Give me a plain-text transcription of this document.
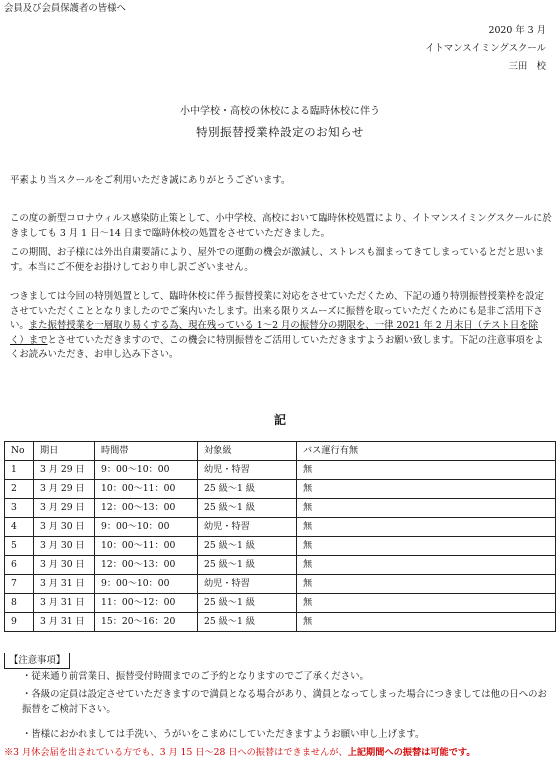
会員及び会員保護者の皆様へ
2020 年 3 月
イトマンスイミングスクール
三田　校
小中学校・高校の休校による臨時休校に伴う
特別振替授業枠設定のお知らせ
平素より当スクールをご利用いただき誠にありがとうございます。
この度の新型コロナウィルス感染防止策として、小中学校、高校において臨時休校処置により、イトマンスイミングスクールに於きましても 3 月 1 日～14 日まで臨時休校の処置をさせていただきました。
この期間、お子様には外出自粛要請により、屋外での運動の機会が激減し、ストレスも溜まってきてしまっているとだと思います。本当にご不便をお掛けしており申し訳ございません。
つきましては今回の特別処置として、臨時休校に伴う振替授業に対応をさせていただくため、下記の通り特別振替授業枠を設定させていただくこととなりましたのでご案内いたします。出来る限りスムーズに振替を取っていただくためにも是非ご活用下さい。また振替授業を一層取り易くする為、現在残っている 1～2 月の振替分の期限を、一律 2021 年 2 月末日（テスト日を除く）までとさせていただきますので、この機会に特別振替をご活用していただきますようお願い致します。下記の注意事項をよくお読みいただき、お申し込み下さい。
記
No	期日	時間帯	対象級	バス運行有無
1	3 月 29 日	9：00～10：00	幼児・特習	無
2	3 月 29 日	10：00～11：00	25 級～1 級	無
3	3 月 29 日	12：00～13：00	25 級～1 級	無
4	3 月 30 日	9：00～10：00	幼児・特習	無
5	3 月 30 日	10：00～11：00	25 級～1 級	無
6	3 月 30 日	12：00～13：00	25 級～1 級	無
7	3 月 31 日	9：00～10：00	幼児・特習	無
8	3 月 31 日	11：00～12：00	25 級～1 級	無
9	3 月 31 日	15：20～16：20	25 級～1 級	無
【注意事項】
・従来通り前営業日、振替受付時間までのご予約となりますのでご了承ください。
・各級の定員は設定させていただきますので満員となる場合があり、満員となってしまった場合につきましては他の日へのお振替をご検討下さい。
・皆様におかれましては手洗い、うがいをこまめにしていただきますようお願い申し上げます。
※3 月休会届を出されている方でも、3 月 15 日～28 日への振替はできませんが、上記期間への振替は可能です。
